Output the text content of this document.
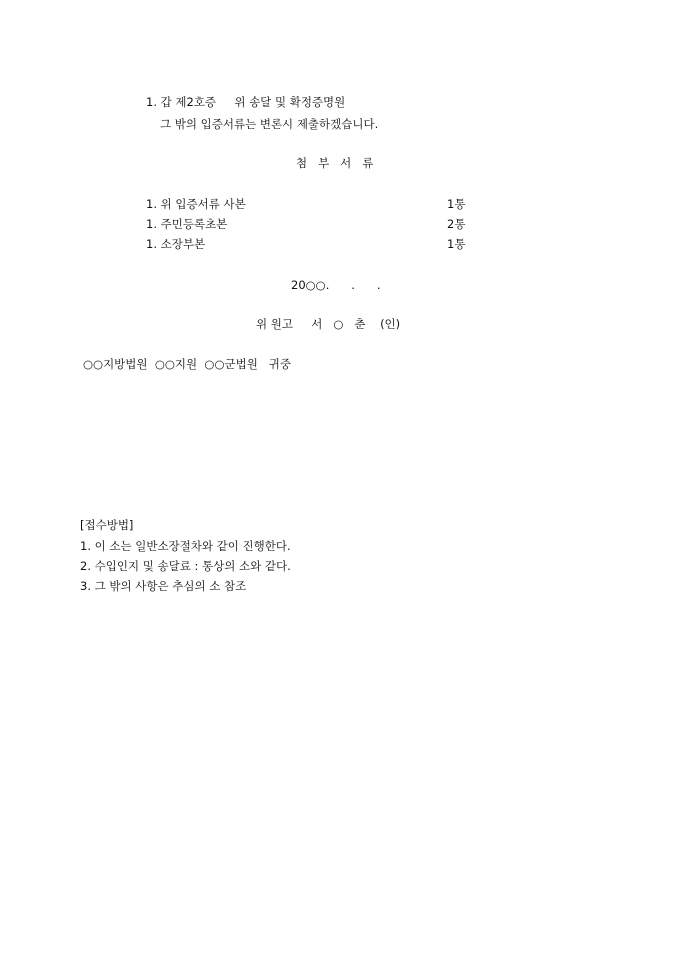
1. 갑 제2호증     위 송달 및 확정증명원
그 밖의 입증서류는 변론시 제출하겠습니다.
첨   부   서   류
1. 위 입증서류 사본	1통
1. 주민등록초본	2통
1. 소장부본	1통
20○○.      .      .
위 원고     서   ○   춘    (인)
○○지방법원  ○○지원  ○○군법원   귀중
[접수방법]
1. 이 소는 일반소장절차와 같이 진행한다.
2. 수입인지 및 송달료 : 통상의 소와 같다.
3. 그 밖의 사항은 추심의 소 참조
